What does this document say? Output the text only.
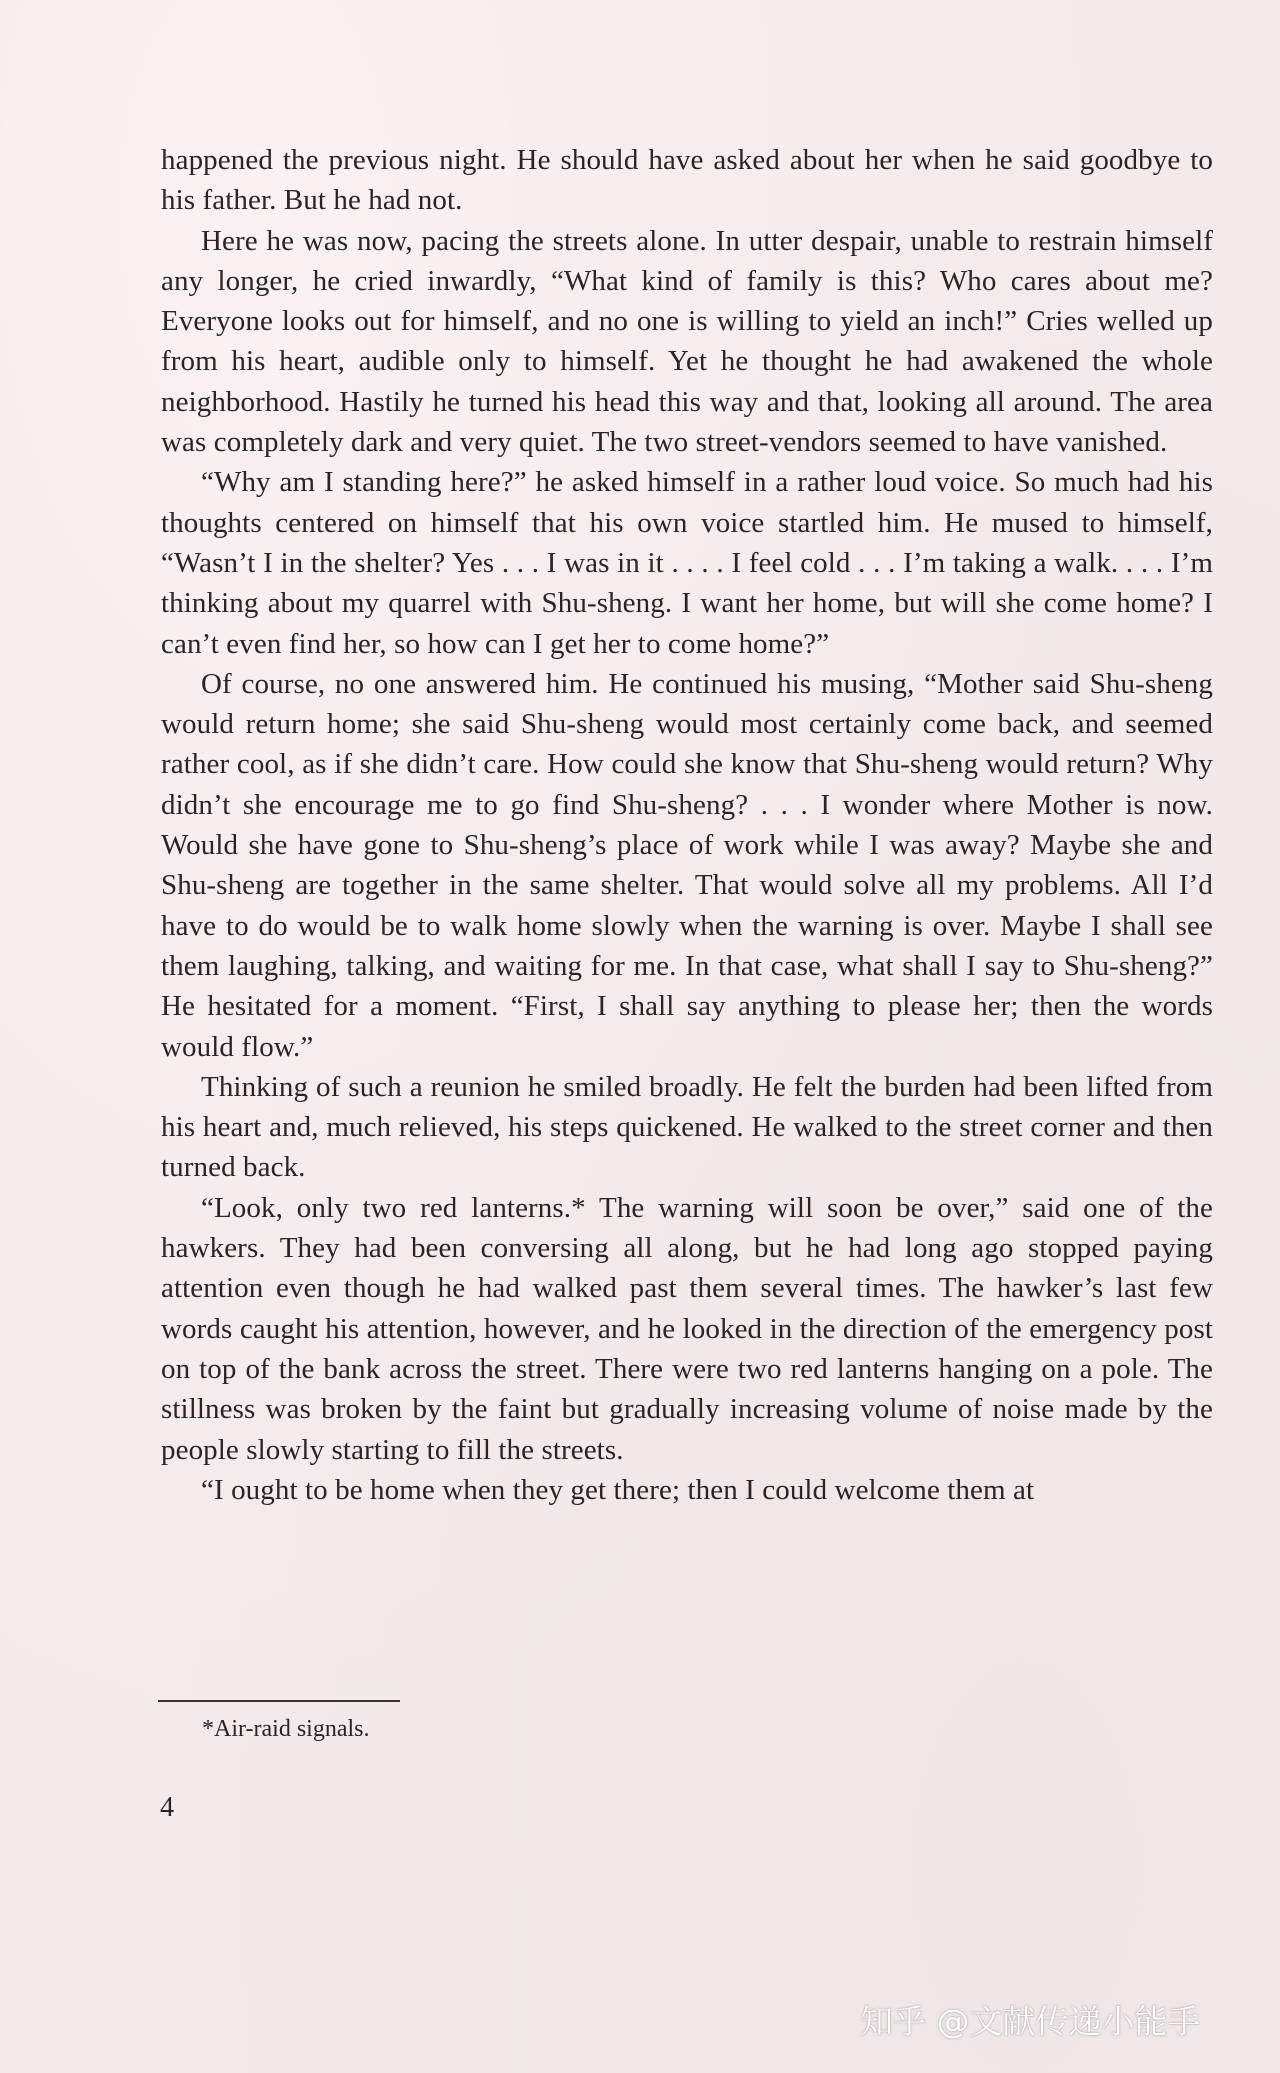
happened the previous night. He should have asked about her when he said goodbye to his father. But he had not.

Here he was now, pacing the streets alone. In utter despair, unable to restrain himself any longer, he cried inwardly, “What kind of family is this? Who cares about me? Everyone looks out for himself, and no one is willing to yield an inch!” Cries welled up from his heart, audible only to himself. Yet he thought he had awakened the whole neighborhood. Hastily he turned his head this way and that, looking all around. The area was completely dark and very quiet. The two street-vendors seemed to have vanished.

“Why am I standing here?” he asked himself in a rather loud voice. So much had his thoughts centered on himself that his own voice startled him. He mused to himself, “Wasn’t I in the shelter? Yes . . . I was in it . . . . I feel cold . . . I’m taking a walk. . . . I’m thinking about my quarrel with Shu-sheng. I want her home, but will she come home? I can’t even find her, so how can I get her to come home?”

Of course, no one answered him. He continued his musing, “Mother said Shu-sheng would return home; she said Shu-sheng would most certainly come back, and seemed rather cool, as if she didn’t care. How could she know that Shu-sheng would return? Why didn’t she encourage me to go find Shu-sheng? . . . I wonder where Mother is now. Would she have gone to Shu-sheng’s place of work while I was away? Maybe she and Shu-sheng are together in the same shelter. That would solve all my problems. All I’d have to do would be to walk home slowly when the warning is over. Maybe I shall see them laughing, talking, and waiting for me. In that case, what shall I say to Shu-sheng?” He hesitated for a moment. “First, I shall say anything to please her; then the words would flow.”

Thinking of such a reunion he smiled broadly. He felt the burden had been lifted from his heart and, much relieved, his steps quickened. He walked to the street corner and then turned back.

“Look, only two red lanterns.* The warning will soon be over,” said one of the hawkers. They had been conversing all along, but he had long ago stopped paying attention even though he had walked past them several times. The hawker’s last few words caught his attention, however, and he looked in the direction of the emergency post on top of the bank across the street. There were two red lanterns hanging on a pole. The stillness was broken by the faint but gradually increasing volume of noise made by the people slowly starting to fill the streets.

“I ought to be home when they get there; then I could welcome them at

*Air-raid signals.
4
知乎 @文献传递小能手
